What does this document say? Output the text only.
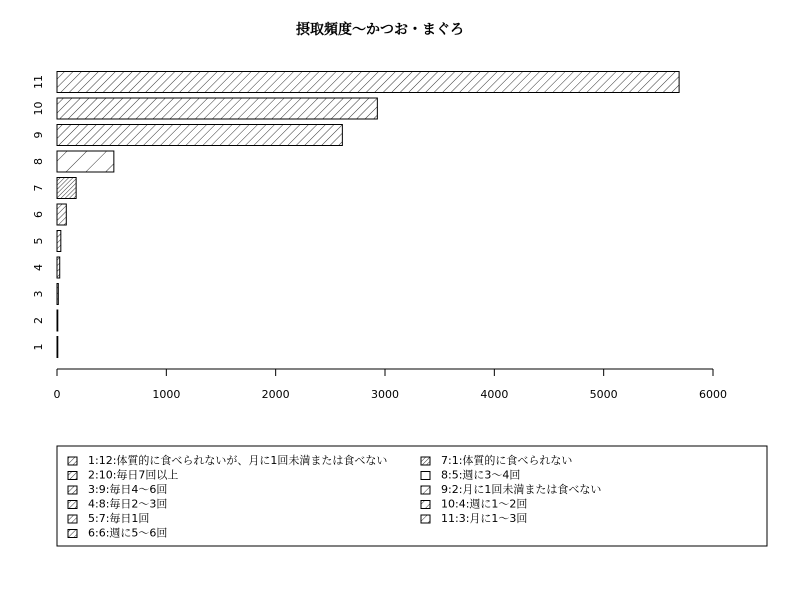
摂取頻度〜かつお・まぐろ
1
2
3
4
5
6
7
8
9
10
11
0	1000	2000	3000	4000	5000	6000
1:12:体質的に食べられないが、月に1回未満または食べない
2:10:毎日7回以上
3:9:毎日4〜6回
4:8:毎日2〜3回
5:7:毎日1回
6:6:週に5〜6回
7:1:体質的に食べられない
8:5:週に3〜4回
9:2:月に1回未満または食べない
10:4:週に1〜2回
11:3:月に1〜3回
